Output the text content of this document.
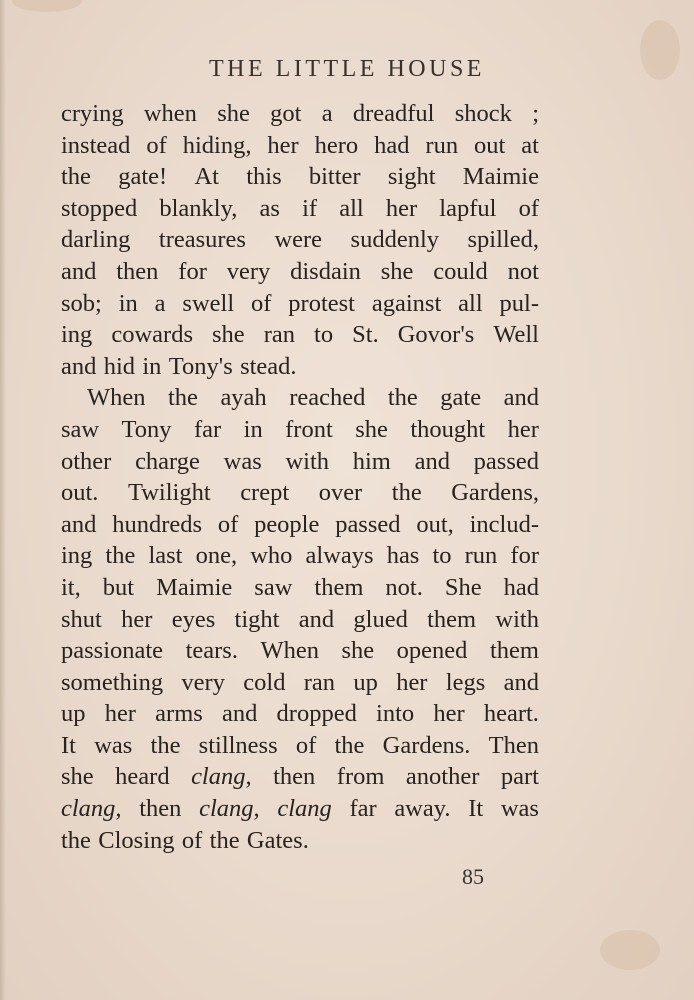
THE LITTLE HOUSE
crying when she got a dreadful shock ;
instead of hiding, her hero had run out at
the gate! At this bitter sight Maimie
stopped blankly, as if all her lapful of
darling treasures were suddenly spilled,
and then for very disdain she could not
sob; in a swell of protest against all pul-
ing cowards she ran to St. Govor's Well
and hid in Tony's stead.
When the ayah reached the gate and
saw Tony far in front she thought her
other charge was with him and passed
out. Twilight crept over the Gardens,
and hundreds of people passed out, includ-
ing the last one, who always has to run for
it, but Maimie saw them not. She had
shut her eyes tight and glued them with
passionate tears. When she opened them
something very cold ran up her legs and
up her arms and dropped into her heart.
It was the stillness of the Gardens. Then
she heard clang, then from another part
clang, then clang, clang far away. It was
the Closing of the Gates.
85
